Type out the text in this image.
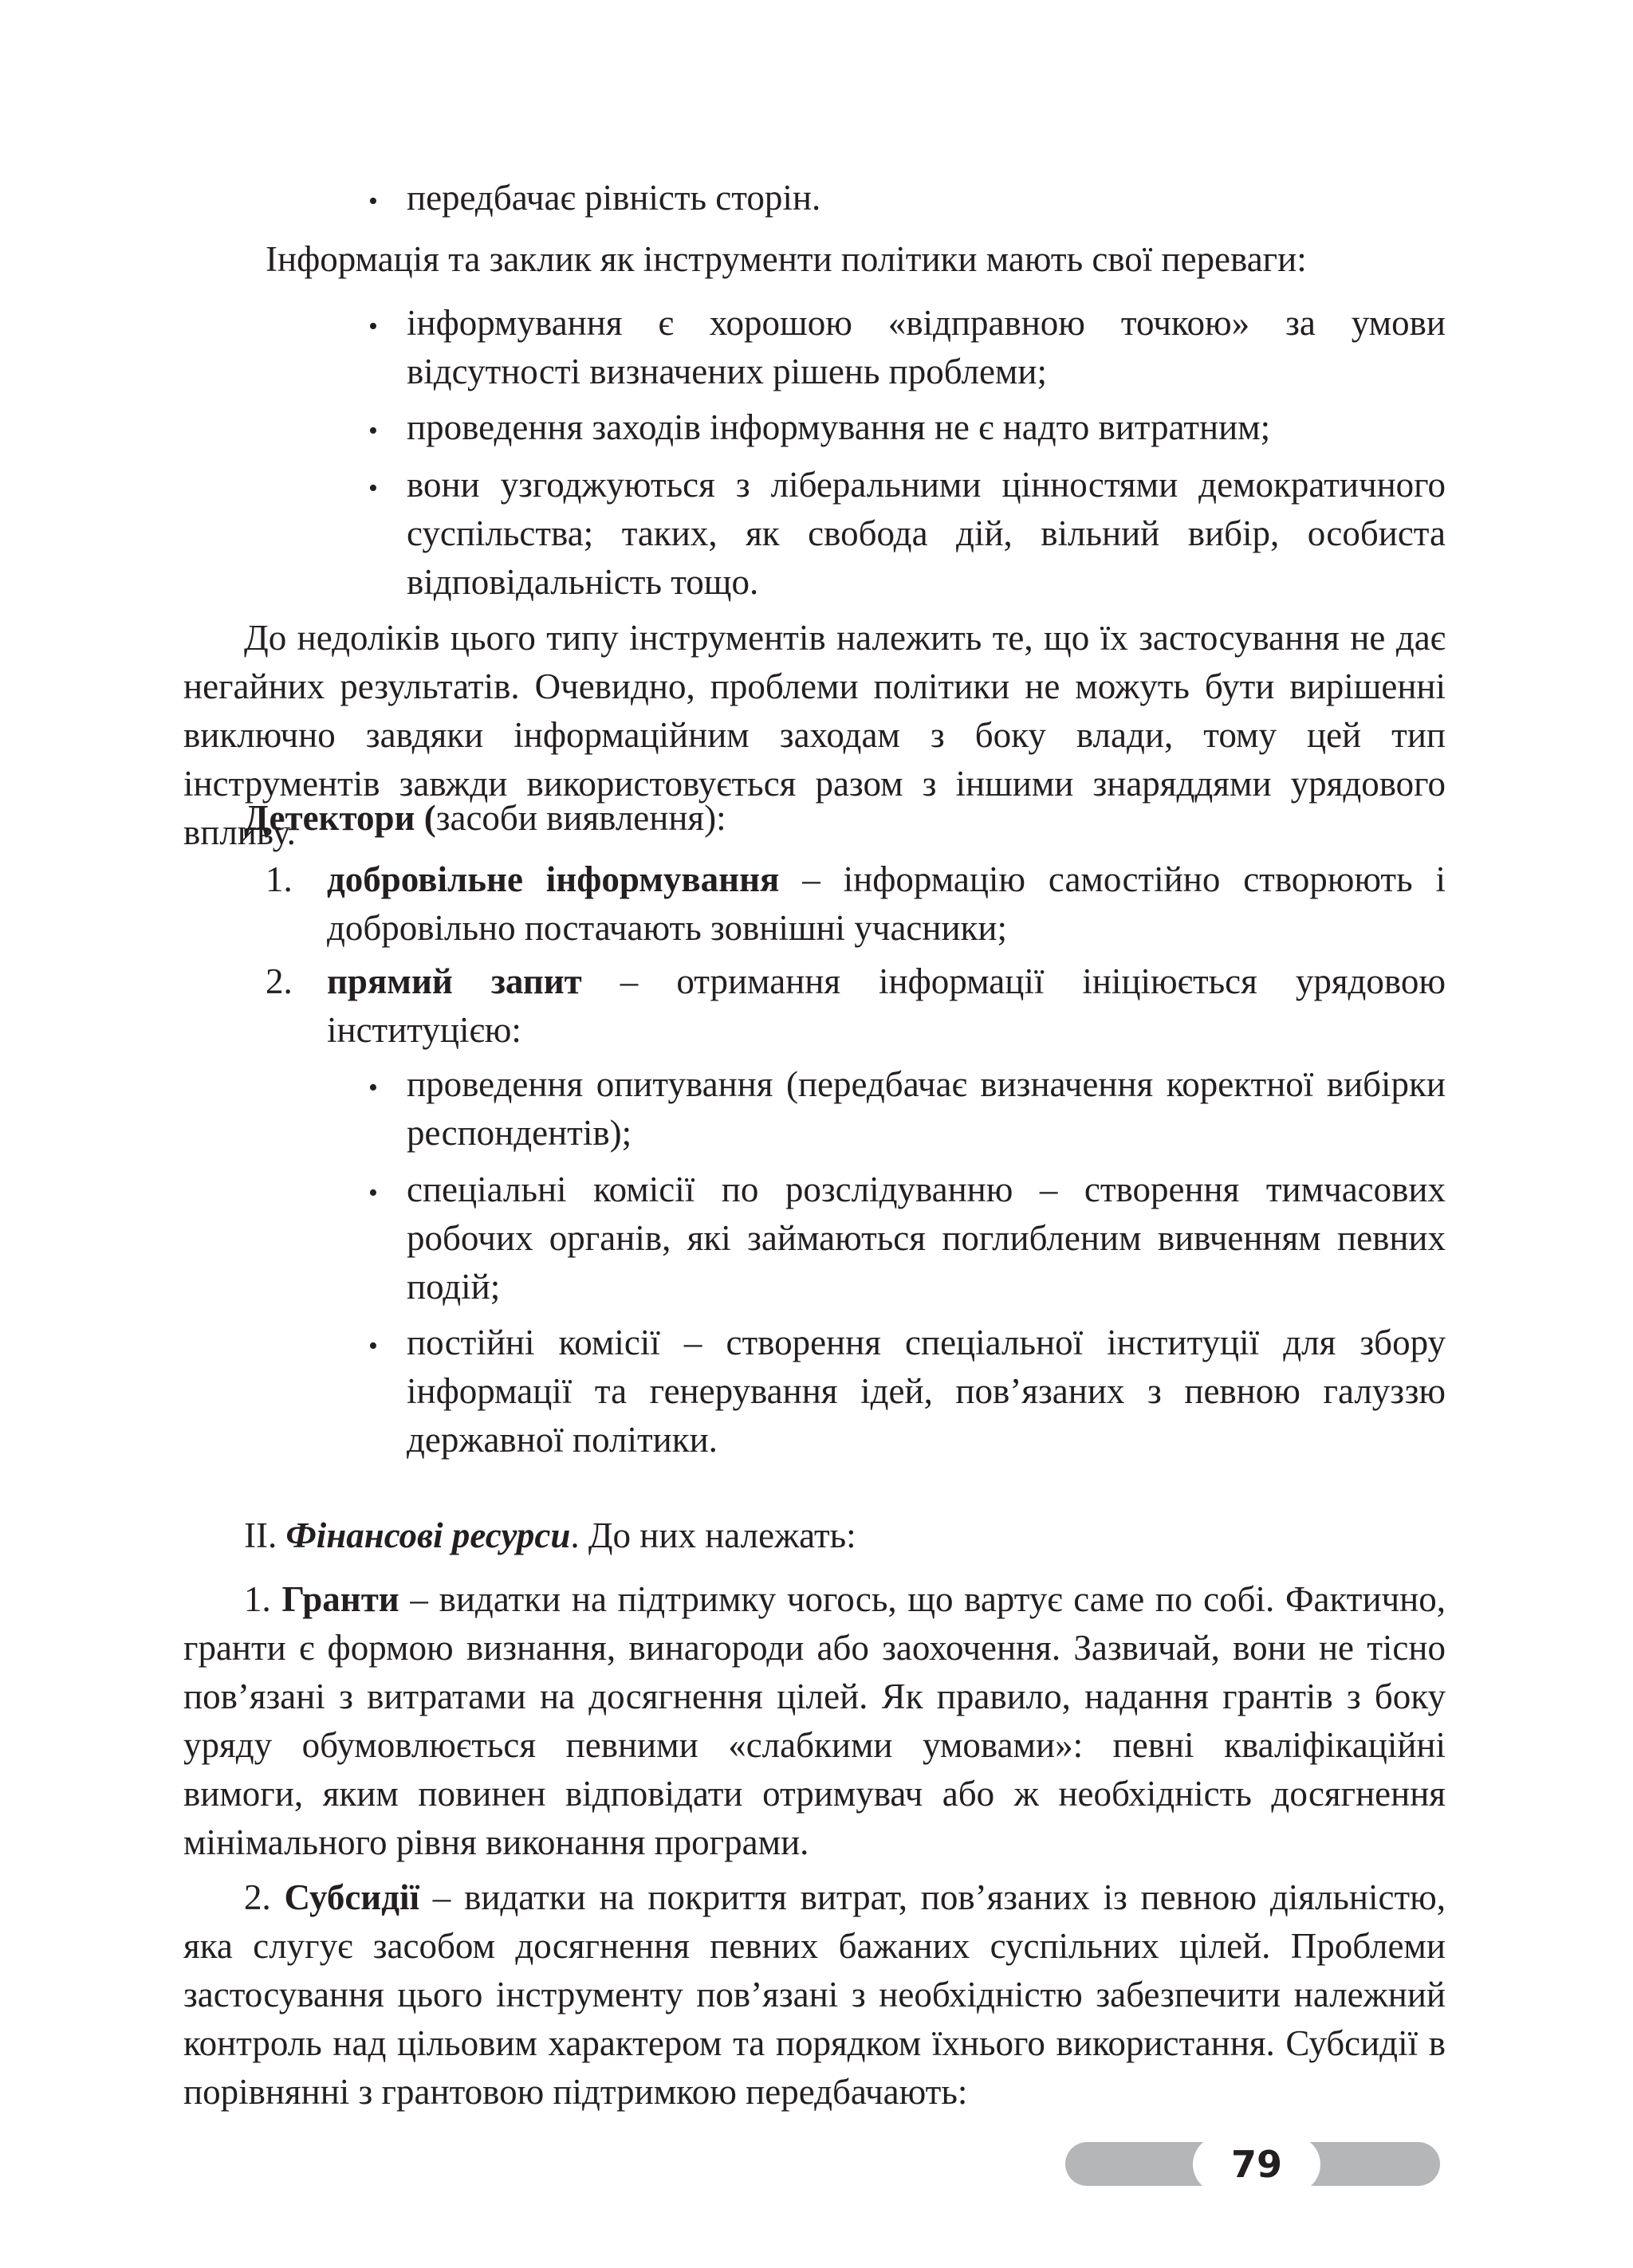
• передбачає рівність сторін.

Інформація та заклик як інструменти політики мають свої переваги:

• інформування є хорошою «відправною точкою» за умови відсутності визначених рішень проблеми;

• проведення заходів інформування не є надто витратним;

• вони узгоджуються з ліберальними цінностями демократичного суспільства; таких, як свобода дій, вільний вибір, особиста відповідальність тощо.

До недоліків цього типу інструментів належить те, що їх застосування не дає негайних результатів. Очевидно, проблеми політики не можуть бути вирішенні виключно завдяки інформаційним заходам з боку влади, тому цей тип інструментів завжди використовується разом з іншими знаряддями урядового впливу.

Детектори (засоби виявлення):

1. добровільне інформування – інформацію самостійно створюють і добровільно постачають зовнішні учасники;

2. прямий запит – отримання інформації ініціюється урядовою інституцією:

• проведення опитування (передбачає визначення коректної вибірки респондентів);

• спеціальні комісії по розслідуванню – створення тимчасових робочих органів, які займаються поглибленим вивченням певних подій;

• постійні комісії – створення спеціальної інституції для збору інформації та генерування ідей, пов’язаних з певною галуззю державної політики.

II. Фінансові ресурси. До них належать:

1. Гранти – видатки на підтримку чогось, що вартує саме по собі. Фактично, гранти є формою визнання, винагороди або заохочення. Зазвичай, вони не тісно пов’язані з витратами на досягнення цілей. Як правило, надання грантів з боку уряду обумовлюється певними «слабкими умовами»: певні кваліфікаційні вимоги, яким повинен відповідати отримувач або ж необхідність досягнення мінімального рівня виконання програми.

2. Субсидії – видатки на покриття витрат, пов’язаних із певною діяльністю, яка слугує засобом досягнення певних бажаних суспільних цілей. Проблеми застосування цього інструменту пов’язані з необхідністю забезпечити належний контроль над цільовим характером та порядком їхнього використання. Субсидії в порівнянні з грантовою підтримкою передбачають:

79
